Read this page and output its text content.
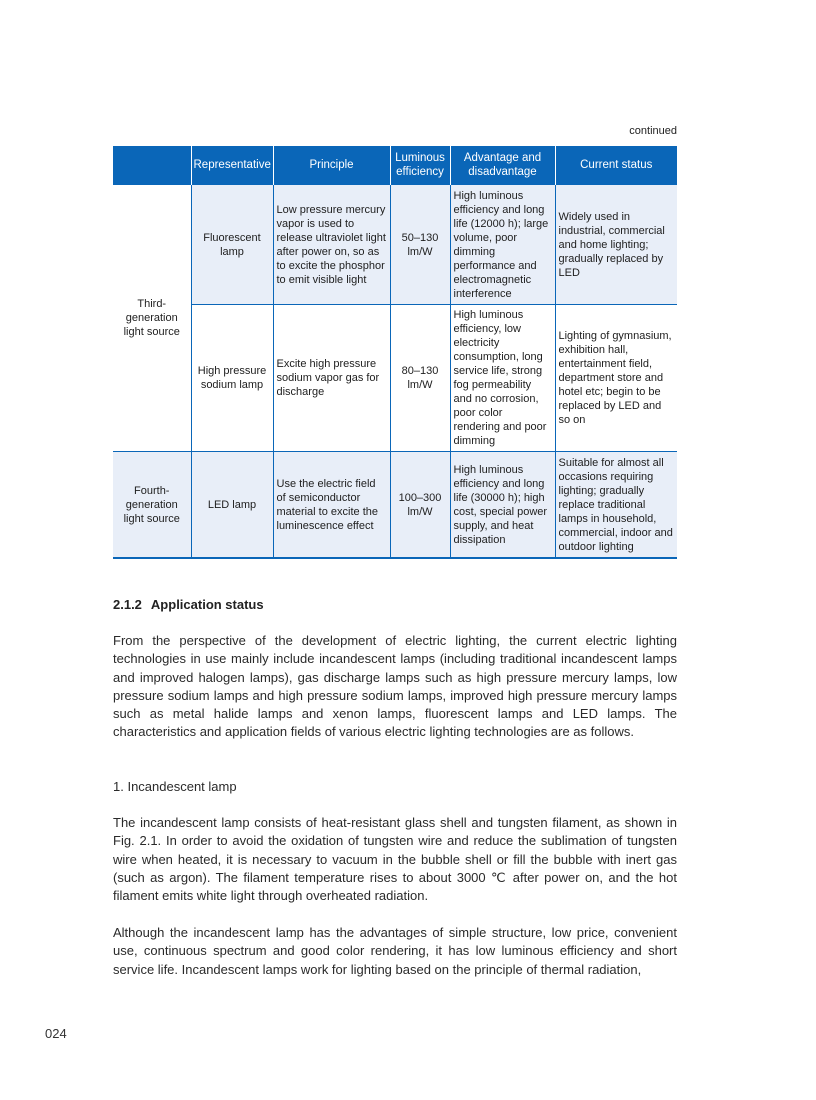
continued
	Representative	Principle	Luminous efficiency	Advantage and disadvantage	Current status
Third-generation light source	Fluorescent lamp	Low pressure mercury vapor is used to release ultraviolet light after power on, so as to excite the phosphor to emit visible light	50–130 lm/W	High luminous efficiency and long life (12000 h); large volume, poor dimming performance and electromagnetic interference	Widely used in industrial, commercial and home lighting; gradually replaced by LED
	High pressure sodium lamp	Excite high pressure sodium vapor gas for discharge	80–130 lm/W	High luminous efficiency, low electricity consumption, long service life, strong fog permeability and no corrosion, poor color rendering and poor dimming	Lighting of gymnasium, exhibition hall, entertainment field, department store and hotel etc; begin to be replaced by LED and so on
Fourth-generation light source	LED lamp	Use the electric field of semiconductor material to excite the luminescence effect	100–300 lm/W	High luminous efficiency and long life (30000 h); high cost, special power supply, and heat dissipation	Suitable for almost all occasions requiring lighting; gradually replace traditional lamps in household, commercial, indoor and outdoor lighting
2.1.2 Application status

From the perspective of the development of electric lighting, the current electric lighting technologies in use mainly include incandescent lamps (including traditional incandescent lamps and improved halogen lamps), gas discharge lamps such as high pressure mercury lamps, low pressure sodium lamps and high pressure sodium lamps, improved high pressure mercury lamps such as metal halide lamps and xenon lamps, fluorescent lamps and LED lamps. The characteristics and application fields of various electric lighting technologies are as follows.

1. Incandescent lamp

The incandescent lamp consists of heat-resistant glass shell and tungsten filament, as shown in Fig. 2.1. In order to avoid the oxidation of tungsten wire and reduce the sublimation of tungsten wire when heated, it is necessary to vacuum in the bubble shell or fill the bubble with inert gas (such as argon). The filament temperature rises to about 3000 ℃ after power on, and the hot filament emits white light through overheated radiation.

Although the incandescent lamp has the advantages of simple structure, low price, convenient use, continuous spectrum and good color rendering, it has low luminous efficiency and short service life. Incandescent lamps work for lighting based on the principle of thermal radiation,

024
